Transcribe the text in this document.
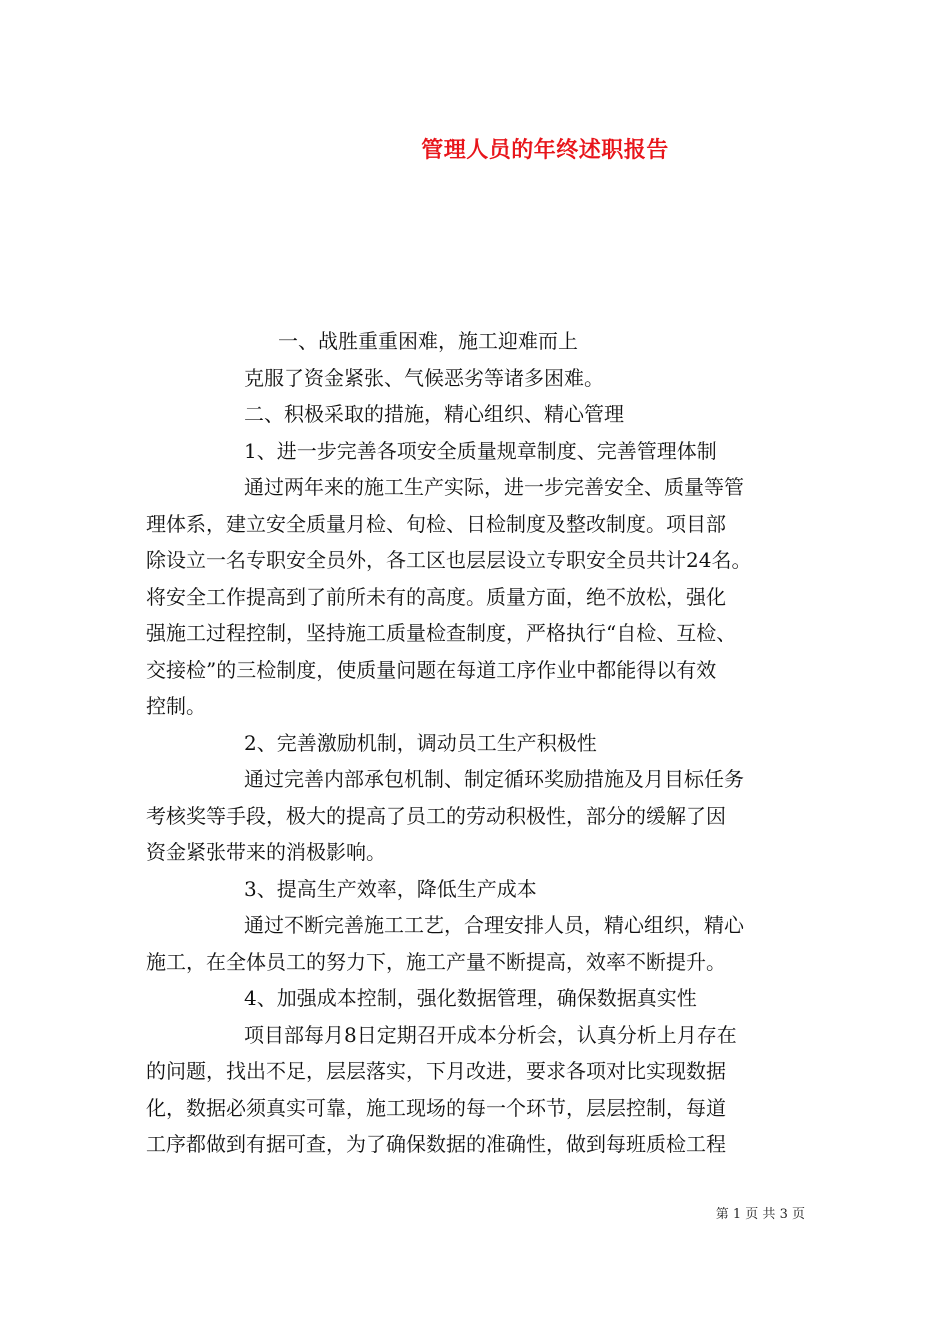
管理人员的年终述职报告

一、战胜重重困难，施工迎难而上

克服了资金紧张、气候恶劣等诸多困难。

二、积极采取的措施，精心组织、精心管理

1、进一步完善各项安全质量规章制度、完善管理体制

通过两年来的施工生产实际，进一步完善安全、质量等管

理体系，建立安全质量月检、旬检、日检制度及整改制度。项目部

除设立一名专职安全员外，各工区也层层设立专职安全员共计24名。

将安全工作提高到了前所未有的高度。质量方面，绝不放松，强化

强施工过程控制，坚持施工质量检查制度，严格执行“自检、互检、

交接检”的三检制度，使质量问题在每道工序作业中都能得以有效

控制。

2、完善激励机制，调动员工生产积极性

通过完善内部承包机制、制定循环奖励措施及月目标任务

考核奖等手段，极大的提高了员工的劳动积极性，部分的缓解了因

资金紧张带来的消极影响。

3、提高生产效率，降低生产成本

通过不断完善施工工艺，合理安排人员，精心组织，精心

施工，在全体员工的努力下，施工产量不断提高，效率不断提升。

4、加强成本控制，强化数据管理，确保数据真实性

项目部每月8日定期召开成本分析会，认真分析上月存在

的问题，找出不足，层层落实，下月改进，要求各项对比实现数据

化，数据必须真实可靠，施工现场的每一个环节，层层控制，每道

工序都做到有据可查，为了确保数据的准确性，做到每班质检工程

第 1 页 共 3 页
